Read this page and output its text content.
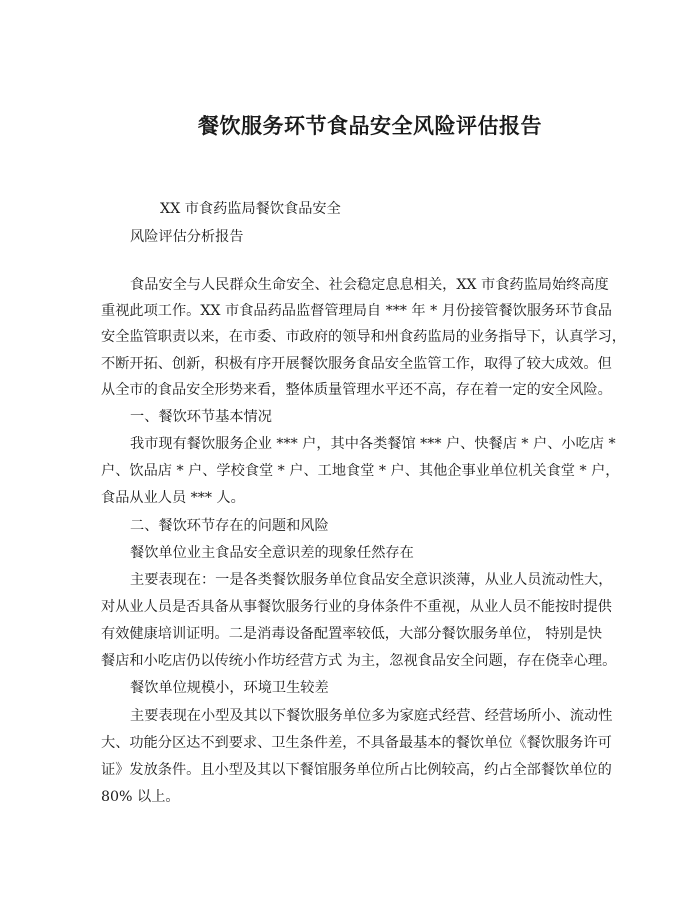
餐饮服务环节食品安全风险评估报告
XX 市食药监局餐饮食品安全
风险评估分析报告
食品安全与人民群众生命安全、社会稳定息息相关，XX 市食药监局始终高度
重视此项工作。XX 市食品药品监督管理局自 *** 年 * 月份接管餐饮服务环节食品
安全监管职责以来，在市委、市政府的领导和州食药监局的业务指导下，认真学习，
不断开拓、创新，积极有序开展餐饮服务食品安全监管工作，取得了较大成效。但
从全市的食品安全形势来看，整体质量管理水平还不高，存在着一定的安全风险。
一、餐饮环节基本情况
我市现有餐饮服务企业 *** 户，其中各类餐馆 *** 户、快餐店 * 户、小吃店 *
户、饮品店 * 户、学校食堂 * 户、工地食堂 * 户、其他企事业单位机关食堂 * 户，
食品从业人员 *** 人。
二、餐饮环节存在的问题和风险
餐饮单位业主食品安全意识差的现象任然存在
主要表现在：一是各类餐饮服务单位食品安全意识淡薄，从业人员流动性大，
对从业人员是否具备从事餐饮服务行业的身体条件不重视，从业人员不能按时提供
有效健康培训证明。二是消毒设备配置率较低，大部分餐饮服务单位， 特别是快
餐店和小吃店仍以传统小作坊经营方式 为主，忽视食品安全问题，存在侥幸心理。
餐饮单位规模小，环境卫生较差
主要表现在小型及其以下餐饮服务单位多为家庭式经营、经营场所小、流动性
大、功能分区达不到要求、卫生条件差，不具备最基本的餐饮单位《餐饮服务许可
证》发放条件。且小型及其以下餐馆服务单位所占比例较高，约占全部餐饮单位的
80% 以上。
